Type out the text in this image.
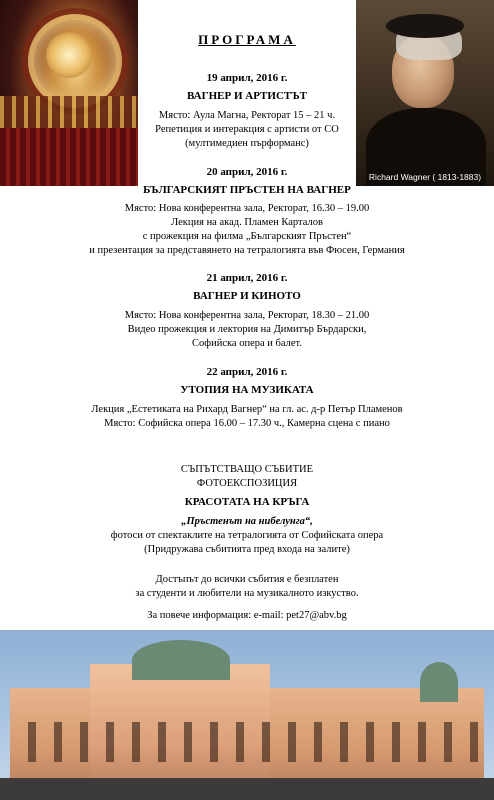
Richard Wagner ( 1813-1883)
ПРОГРАМА
19 април, 2016 г.
ВАГНЕР И АРТИСТЪТ
Място: Аула Магна, Ректорат 15 – 21 ч.
Репетиция и интеракция с артисти от СО
(мултимедиен пърформанс)
20 април, 2016 г.
БЪЛГАРСКИЯТ ПРЪСТЕН НА ВАГНЕР
Място: Нова конферентна зала, Ректорат, 16.30 – 19.00
Лекция на акад. Пламен Карталов
с прожекция на филма „Българският Пръстен“
и презентация за представянето на тетралогията във Фюсен, Германия
21 април, 2016 г.
ВАГНЕР И КИНОТО
Място: Нова конферентна зала, Ректорат, 18.30 – 21.00
Видео прожекция и лектория на Димитър Бърдарски,
Софийска опера и балет.
22 април, 2016 г.
УТОПИЯ НА МУЗИКАТА
Лекция „Естетиката на Рихард Вагнер“ на гл. ас. д-р Петър Пламенов
Място: Софийска опера 16.00 – 17.30 ч., Камерна сцена с пиано
СЪПЪТСТВАЩО СЪБИТИЕ
ФОТОЕКСПОЗИЦИЯ
КРАСОТАТА НА КРЪГА
„Пръстенът на нибелунга“,
фотоси от спектаклите на тетралогията от Софийската опера
(Придружава събитията пред входа на залите)
Достъпът до всички събития е безплатен
за студенти и любители на музикалното изкуство.
За повече информация: e-mail: pet27@abv.bg
